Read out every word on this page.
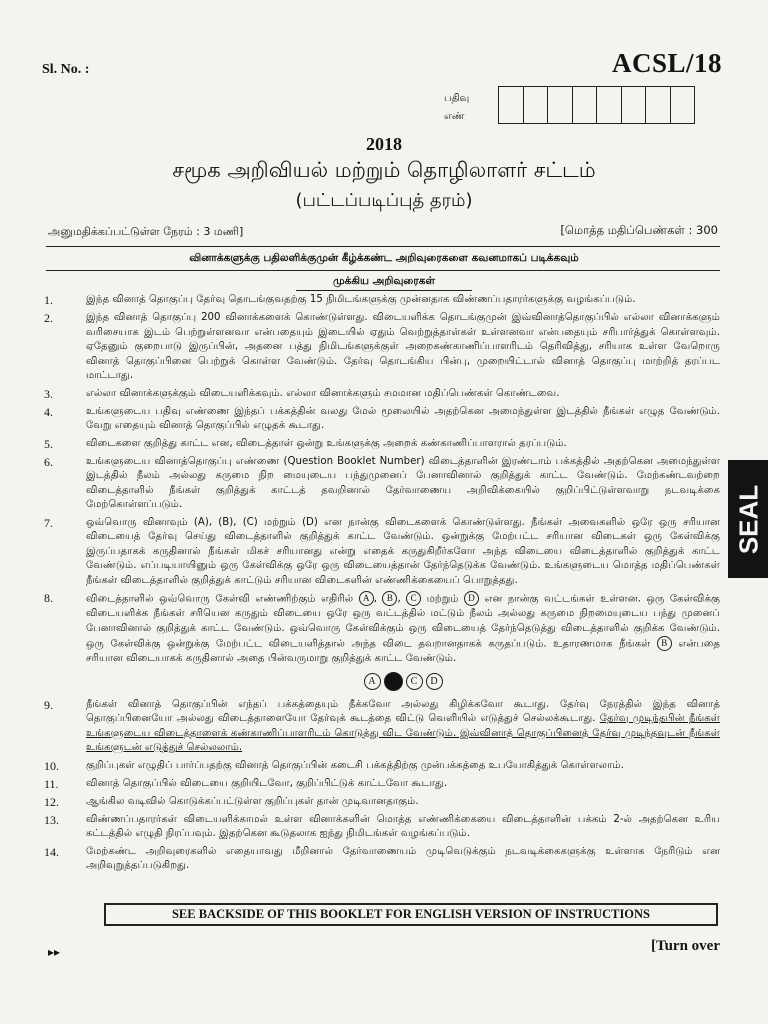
Sl. No. :	ACSL/18
பதிவு
எண்
2018
சமூக அறிவியல் மற்றும் தொழிலாளர் சட்டம்
(பட்டப்படிப்புத் தரம்)
அனுமதிக்கப்பட்டுள்ள நேரம் : 3 மணி]	[மொத்த மதிப்பெண்கள் : 300
வினாக்களுக்கு பதிலளிக்குமுன் கீழ்க்கண்ட அறிவுரைகளை கவனமாகப் படிக்கவும்
முக்கிய அறிவுரைகள்
1.	இந்த வினாத் தொகுப்பு தேர்வு தொடங்குவதற்கு 15 நிமிடங்களுக்கு முன்னதாக விண்ணப்பதாரர்களுக்கு வழங்கப்படும்.
2.	இந்த வினாத் தொகுப்பு 200 வினாக்களைக் கொண்டுள்ளது. விடையளிக்க தொடங்குமுன் இவ்வினாத்தொகுப்பில் எல்லா வினாக்களும் வரிசையாக இடம் பெற்றுள்ளனவா என்பதையும் இடையில் ஏதும் வெற்றுத்தாள்கள் உள்ளனவா என்பதையும் சரிபார்த்துக் கொள்ளவும். ஏதேனும் குறைபாடு இருப்பின், அதனை பத்து நிமிடங்களுக்குள் அறைகண்காணிப்பாளரிடம் தெரிவித்து, சரியாக உள்ள வேறொரு வினாத் தொகுப்பினை பெற்றுக் கொள்ள வேண்டும். தேர்வு தொடங்கிய பின்பு, முறையிட்டால் வினாத் தொகுப்பு மாற்றித் தரப்பட மாட்டாது.
3.	எல்லா வினாக்களுக்கும் விடையளிக்கவும். எல்லா வினாக்களும் சமமான மதிப்பெண்கள் கொண்டவை.
4.	உங்களுடைய பதிவு எண்ணை இந்தப் பக்கத்தின் வலது மேல் மூலையில் அதற்கென அமைந்துள்ள இடத்தில் நீங்கள் எழுத வேண்டும். வேறு எதையும் வினாத் தொகுப்பில் எழுதக் கூடாது.
5.	விடைகளை குறித்து காட்ட என, விடைத்தாள் ஒன்று உங்களுக்கு அறைக் கண்காணிப்பாளரால் தரப்படும்.
6.	உங்களுடைய வினாத்தொகுப்பு எண்ணை (Question Booklet Number) விடைத்தாளின் இரண்டாம் பக்கத்தில் அதற்கென அமைந்துள்ள இடத்தில் நீலம் அல்லது கருமை நிற மையுடைய பந்துமுனைப் பேனாவினால் குறித்துக் காட்ட வேண்டும். மேற்கண்டவற்றை விடைத்தாளில் நீங்கள் குறித்துக் காட்டத் தவறினால் தேர்வாணைய அறிவிக்கையில் குறிப்பிட்டுள்ளவாறு நடவடிக்கை மேற்கொள்ளப்படும்.
7.	ஒவ்வொரு வினாவும் (A), (B), (C) மற்றும் (D) என நான்கு விடைகளைக் கொண்டுள்ளது. நீங்கள் அவைகளில் ஒரே ஒரு சரியான விடையைத் தேர்வு செய்து விடைத்தாளில் குறித்துக் காட்ட வேண்டும். ஒன்றுக்கு மேற்பட்ட சரியான விடைகள் ஒரு கேள்விக்கு இருப்பதாகக் கருதினால் நீங்கள் மிகச் சரியானது என்று எதைக் கருதுகிறீர்களோ அந்த விடையை விடைத்தாளில் குறித்துக் காட்ட வேண்டும். எப்படியாயினும் ஒரு கேள்விக்கு ஒரே ஒரு விடையைத்தான் தேர்ந்தெடுக்க வேண்டும். உங்களுடைய மொத்த மதிப்பெண்கள் நீங்கள் விடைத்தாளில் குறித்துக் காட்டும் சரியான விடைகளின் எண்ணிக்கையைப் பொறுத்தது.
8.	விடைத்தாளில் ஒவ்வொரு கேள்வி எண்ணிற்கும் எதிரில் A , B , C மற்றும் D என நான்கு வட்டங்கள் உள்ளன. ஒரு கேள்விக்கு விடையளிக்க நீங்கள் சரியென கருதும் விடையை ஒரே ஒரு வட்டத்தில் மட்டும் நீலம் அல்லது கருமை நிறமையுடைய பந்து முனைப் பேனாவினால் குறித்துக் காட்ட வேண்டும். ஒவ்வொரு கேள்விக்கும் ஒரு விடையைத் தேர்ந்தெடுத்து விடைத்தாளில் குறிக்க வேண்டும். ஒரு கேள்விக்கு ஒன்றுக்கு மேற்பட்ட விடையளித்தால் அந்த விடை தவறானதாகக் கருதப்படும். உதாரணமாக நீங்கள் B என்பதை சரியான விடையாகக் கருதினால் அதை பின்வருமாறு குறித்துக் காட்ட வேண்டும்.
A	B	C	D
9.	நீங்கள் வினாத் தொகுப்பின் எந்தப் பக்கத்தையும் நீக்கவோ அல்லது கிழிக்கவோ கூடாது. தேர்வு நேரத்தில் இந்த வினாத் தொகுப்பினையோ அல்லது விடைத்தாளையோ தேர்வுக் கூடத்தை விட்டு வெளியில் எடுத்துச் செல்லக்கூடாது. தேர்வு முடிந்தபின் நீங்கள் உங்களுடைய விடைத்தாளைக் கண்காணிப்பாளரிடம் கொடுத்து விட வேண்டும். இவ்வினாத் தொகுப்பினைத் தேர்வு முடிந்தவுடன் நீங்கள் உங்களுடன் எடுத்துச் செல்லலாம்.
10.	குறிப்புகள் எழுதிப் பார்ப்பதற்கு வினாத் தொகுப்பின் கடைசி பக்கத்திற்கு முன்பக்கத்தை உபயோகித்துக் கொள்ளலாம்.
11.	வினாத் தொகுப்பில் விடையை குறியிடவோ, குறிப்பிட்டுக் காட்டவோ கூடாது.
12.	ஆங்கில வடிவில் கொடுக்கப்பட்டுள்ள குறிப்புகள் தான் முடிவானதாகும்.
13.	விண்ணப்பதாரர்கள் விடையளிக்காமல் உள்ள வினாக்களின் மொத்த எண்ணிக்கையை விடைத்தாளின் பக்கம் 2-ல் அதற்கென உரிய கட்டத்தில் எழுதி நிரப்பவும். இதற்கென கூடுதலாக ஐந்து நிமிடங்கள் வழங்கப்படும்.
14.	மேற்கண்ட அறிவுரைகளில் எதையாவது மீறினால் தேர்வாணையம் முடிவெடுக்கும் நடவடிக்கைகளுக்கு உள்ளாக நேரிடும் என அறிவுறுத்தப்படுகிறது.
SEE BACKSIDE OF THIS BOOKLET FOR ENGLISH VERSION OF INSTRUCTIONS
▸▸	[Turn over
SEAL
